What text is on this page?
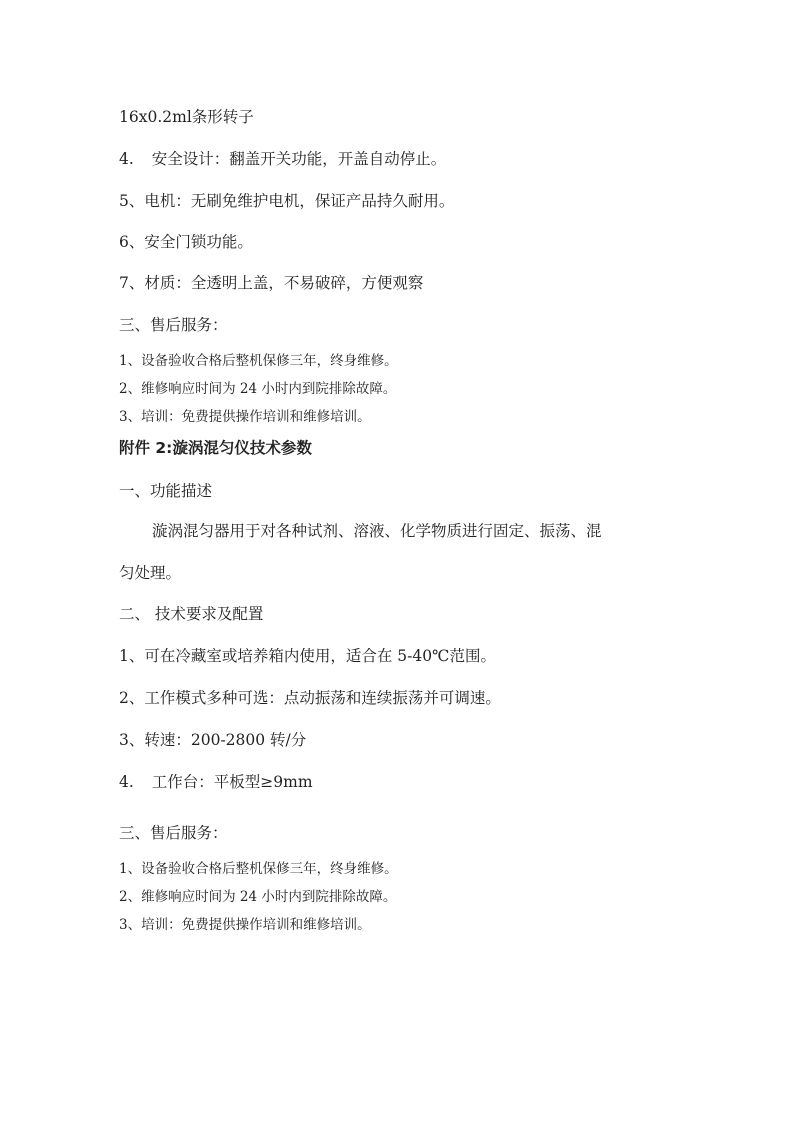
16x0.2ml条形转子
4. 安全设计：翻盖开关功能，开盖自动停止。
5、电机：无刷免维护电机，保证产品持久耐用。
6、安全门锁功能。
7、材质：全透明上盖，不易破碎，方便观察
三、售后服务：
1、设备验收合格后整机保修三年，终身维修。
2、维修响应时间为 24 小时内到院排除故障。
3、培训：免费提供操作培训和维修培训。
附件 2:漩涡混匀仪技术参数
一、功能描述
漩涡混匀器用于对各种试剂、溶液、化学物质进行固定、振荡、混
匀处理。
二、 技术要求及配置
1、可在冷藏室或培养箱内使用，适合在 5-40℃范围。
2、工作模式多种可选：点动振荡和连续振荡并可调速。
3、转速：200-2800 转/分
4. 工作台：平板型≥9mm
三、售后服务：
1、设备验收合格后整机保修三年，终身维修。
2、维修响应时间为 24 小时内到院排除故障。
3、培训：免费提供操作培训和维修培训。
